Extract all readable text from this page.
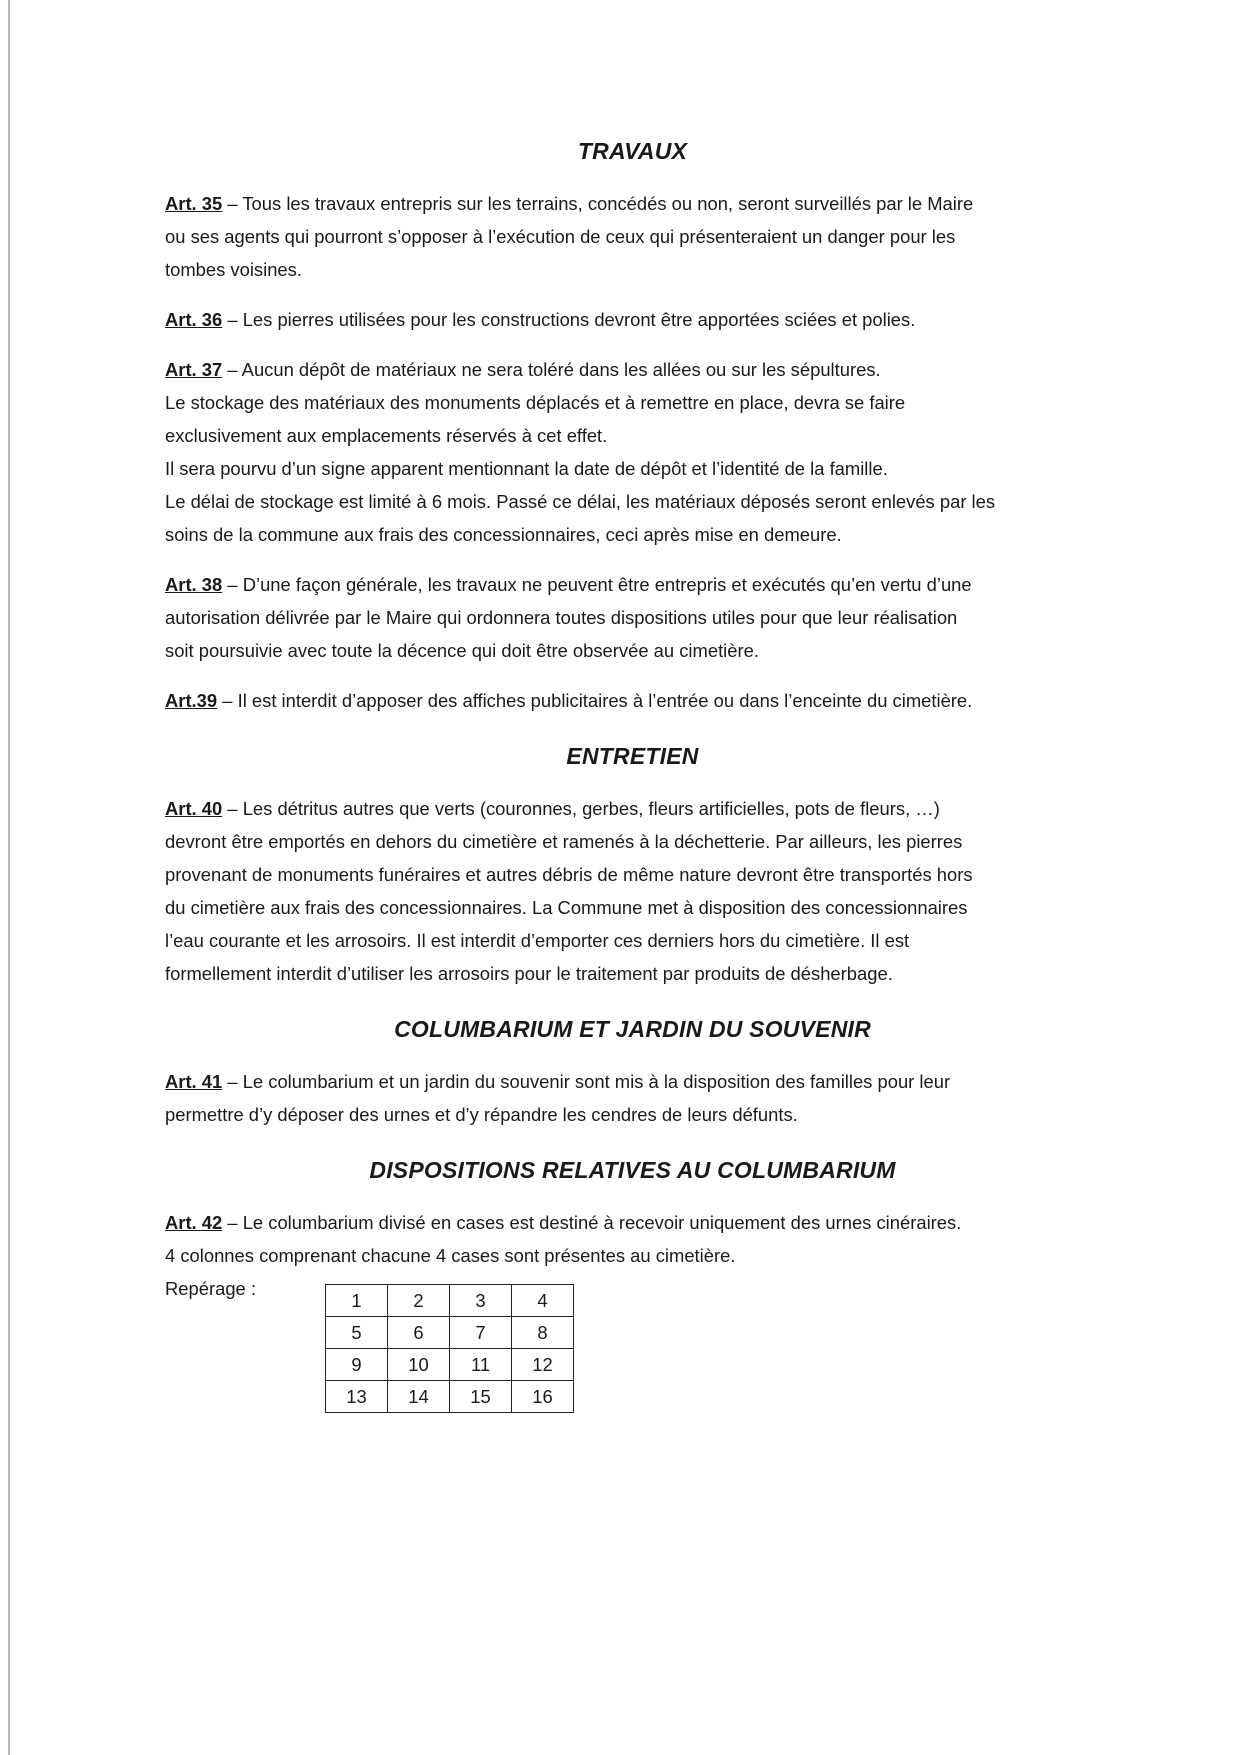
TRAVAUX

Art. 35 – Tous les travaux entrepris sur les terrains, concédés ou non, seront surveillés par le Maire
ou ses agents qui pourront s’opposer à l’exécution de ceux qui présenteraient un danger pour les
tombes voisines.

Art. 36 – Les pierres utilisées pour les constructions devront être apportées sciées et polies.

Art. 37 – Aucun dépôt de matériaux ne sera toléré dans les allées ou sur les sépultures.
Le stockage des matériaux des monuments déplacés et à remettre en place, devra se faire
exclusivement aux emplacements réservés à cet effet.
Il sera pourvu d’un signe apparent mentionnant la date de dépôt et l’identité de la famille.
Le délai de stockage est limité à 6 mois. Passé ce délai, les matériaux déposés seront enlevés par les
soins de la commune aux frais des concessionnaires, ceci après mise en demeure.

Art. 38 – D’une façon générale, les travaux ne peuvent être entrepris et exécutés qu’en vertu d’une
autorisation délivrée par le Maire qui ordonnera toutes dispositions utiles pour que leur réalisation
soit poursuivie avec toute la décence qui doit être observée au cimetière.

Art.39 – Il est interdit d’apposer des affiches publicitaires à l’entrée ou dans l’enceinte du cimetière.

ENTRETIEN

Art. 40 – Les détritus autres que verts (couronnes, gerbes, fleurs artificielles, pots de fleurs, …)
devront être emportés en dehors du cimetière et ramenés à la déchetterie. Par ailleurs, les pierres
provenant de monuments funéraires et autres débris de même nature devront être transportés hors
du cimetière aux frais des concessionnaires. La Commune met à disposition des concessionnaires
l’eau courante et les arrosoirs. Il est interdit d’emporter ces derniers hors du cimetière. Il est
formellement interdit d’utiliser les arrosoirs pour le traitement par produits de désherbage.

COLUMBARIUM ET JARDIN DU SOUVENIR

Art. 41 – Le columbarium et un jardin du souvenir sont mis à la disposition des familles pour leur
permettre d’y déposer des urnes et d’y répandre les cendres de leurs défunts.

DISPOSITIONS RELATIVES AU COLUMBARIUM

Art. 42 – Le columbarium divisé en cases est destiné à recevoir uniquement des urnes cinéraires.
4 colonnes comprenant chacune 4 cases sont présentes au cimetière.

Repérage :
1	2	3	4
5	6	7	8
9	10	11	12
13	14	15	16
